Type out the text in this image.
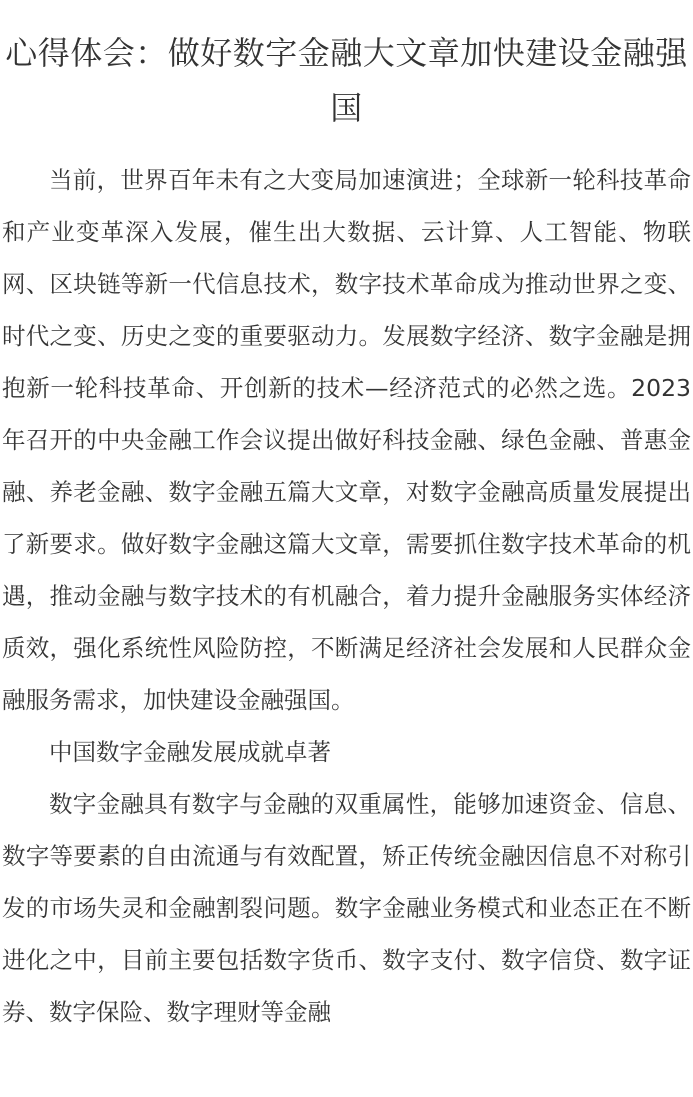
心得体会：做好数字金融大文章加快建设金融强国

当前，世界百年未有之大变局加速演进；全球新一轮科技革命和产业变革深入发展，催生出大数据、云计算、人工智能、物联网、区块链等新一代信息技术，数字技术革命成为推动世界之变、时代之变、历史之变的重要驱动力。发展数字经济、数字金融是拥抱新一轮科技革命、开创新的技术—经济范式的必然之选。2023年召开的中央金融工作会议提出做好科技金融、绿色金融、普惠金融、养老金融、数字金融五篇大文章，对数字金融高质量发展提出了新要求。做好数字金融这篇大文章，需要抓住数字技术革命的机遇，推动金融与数字技术的有机融合，着力提升金融服务实体经济质效，强化系统性风险防控，不断满足经济社会发展和人民群众金融服务需求，加快建设金融强国。

中国数字金融发展成就卓著

数字金融具有数字与金融的双重属性，能够加速资金、信息、数字等要素的自由流通与有效配置，矫正传统金融因信息不对称引发的市场失灵和金融割裂问题。数字金融业务模式和业态正在不断进化之中，目前主要包括数字货币、数字支付、数字信贷、数字证券、数字保险、数字理财等金融
